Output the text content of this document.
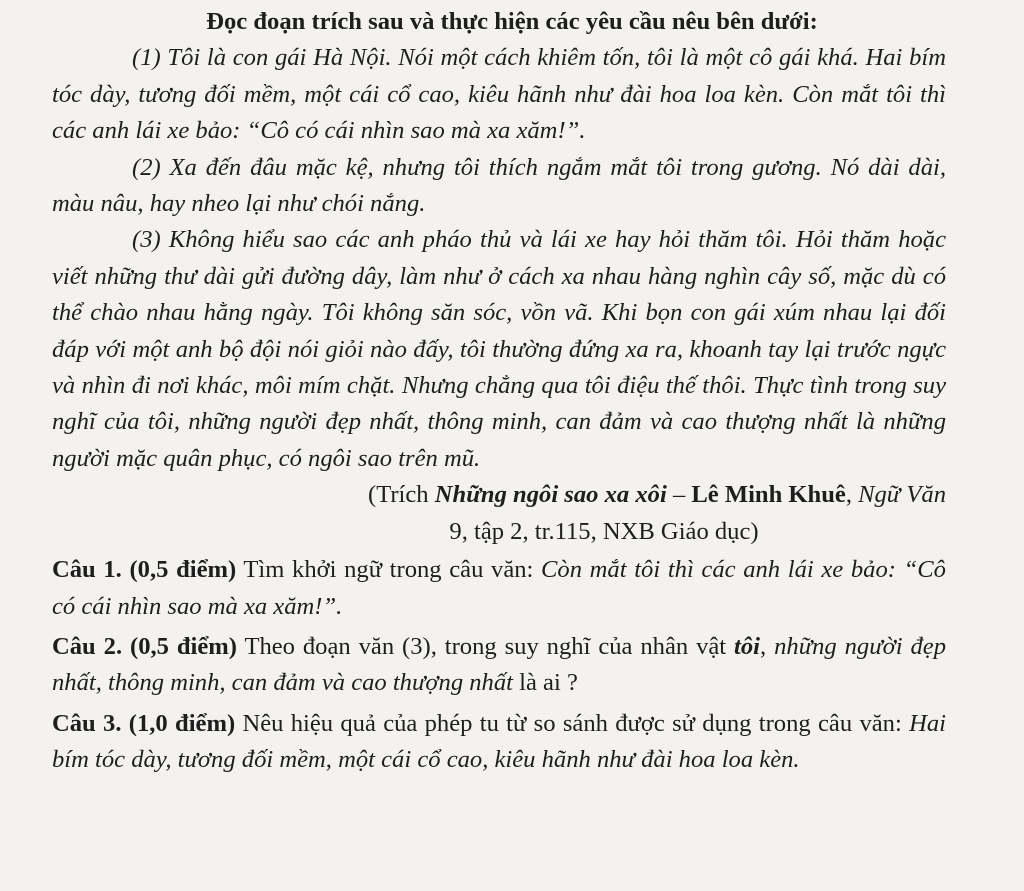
Đọc đoạn trích sau và thực hiện các yêu cầu nêu bên dưới:

(1) Tôi là con gái Hà Nội. Nói một cách khiêm tốn, tôi là một cô gái khá. Hai bím tóc dày, tương đối mềm, một cái cổ cao, kiêu hãnh như đài hoa loa kèn. Còn mắt tôi thì các anh lái xe bảo: “Cô có cái nhìn sao mà xa xăm!”.

(2) Xa đến đâu mặc kệ, nhưng tôi thích ngắm mắt tôi trong gương. Nó dài dài, màu nâu, hay nheo lại như chói nắng.

(3) Không hiểu sao các anh pháo thủ và lái xe hay hỏi thăm tôi. Hỏi thăm hoặc viết những thư dài gửi đường dây, làm như ở cách xa nhau hàng nghìn cây số, mặc dù có thể chào nhau hằng ngày. Tôi không săn sóc, vồn vã. Khi bọn con gái xúm nhau lại đối đáp với một anh bộ đội nói giỏi nào đấy, tôi thường đứng xa ra, khoanh tay lại trước ngực và nhìn đi nơi khác, môi mím chặt. Nhưng chẳng qua tôi điệu thế thôi. Thực tình trong suy nghĩ của tôi, những người đẹp nhất, thông minh, can đảm và cao thượng nhất là những người mặc quân phục, có ngôi sao trên mũ.

(Trích Những ngôi sao xa xôi – Lê Minh Khuê, Ngữ Văn

9, tập 2, tr.115, NXB Giáo dục)

Câu 1. (0,5 điểm) Tìm khởi ngữ trong câu văn: Còn mắt tôi thì các anh lái xe bảo: “Cô có cái nhìn sao mà xa xăm!”.

Câu 2. (0,5 điểm) Theo đoạn văn (3), trong suy nghĩ của nhân vật tôi, những người đẹp nhất, thông minh, can đảm và cao thượng nhất là ai ?

Câu 3. (1,0 điểm) Nêu hiệu quả của phép tu từ so sánh được sử dụng trong câu văn: Hai bím tóc dày, tương đối mềm, một cái cổ cao, kiêu hãnh như đài hoa loa kèn.
